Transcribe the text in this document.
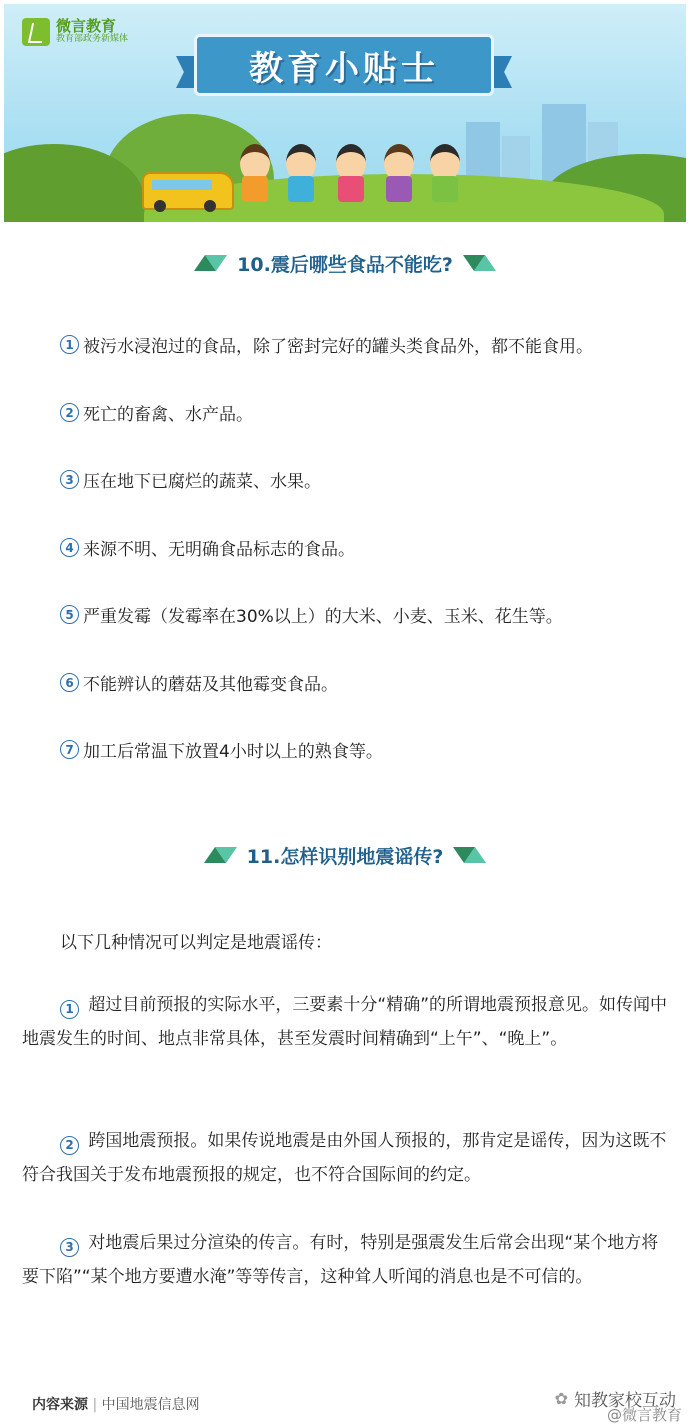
微言教育
教育部政务新媒体
教育小贴士
10.震后哪些食品不能吃?
1 被污水浸泡过的食品，除了密封完好的罐头类食品外，都不能食用。
2 死亡的畜禽、水产品。
3 压在地下已腐烂的蔬菜、水果。
4 来源不明、无明确食品标志的食品。
5 严重发霉（发霉率在30%以上）的大米、小麦、玉米、花生等。
6 不能辨认的蘑菇及其他霉变食品。
7 加工后常温下放置4小时以上的熟食等。
11.怎样识别地震谣传?
以下几种情况可以判定是地震谣传：

1 超过目前预报的实际水平，三要素十分“精确”的所谓地震预报意见。如传闻中地震发生的时间、地点非常具体，甚至发震时间精确到“上午”、“晚上”。

2 跨国地震预报。如果传说地震是由外国人预报的，那肯定是谣传，因为这既不符合我国关于发布地震预报的规定，也不符合国际间的约定。

3 对地震后果过分渲染的传言。有时，特别是强震发生后常会出现“某个地方将要下陷”“某个地方要遭水淹”等等传言，这种耸人听闻的消息也是不可信的。

内容来源 | 中国地震信息网	✿ 知教家校互动
@微言教育
